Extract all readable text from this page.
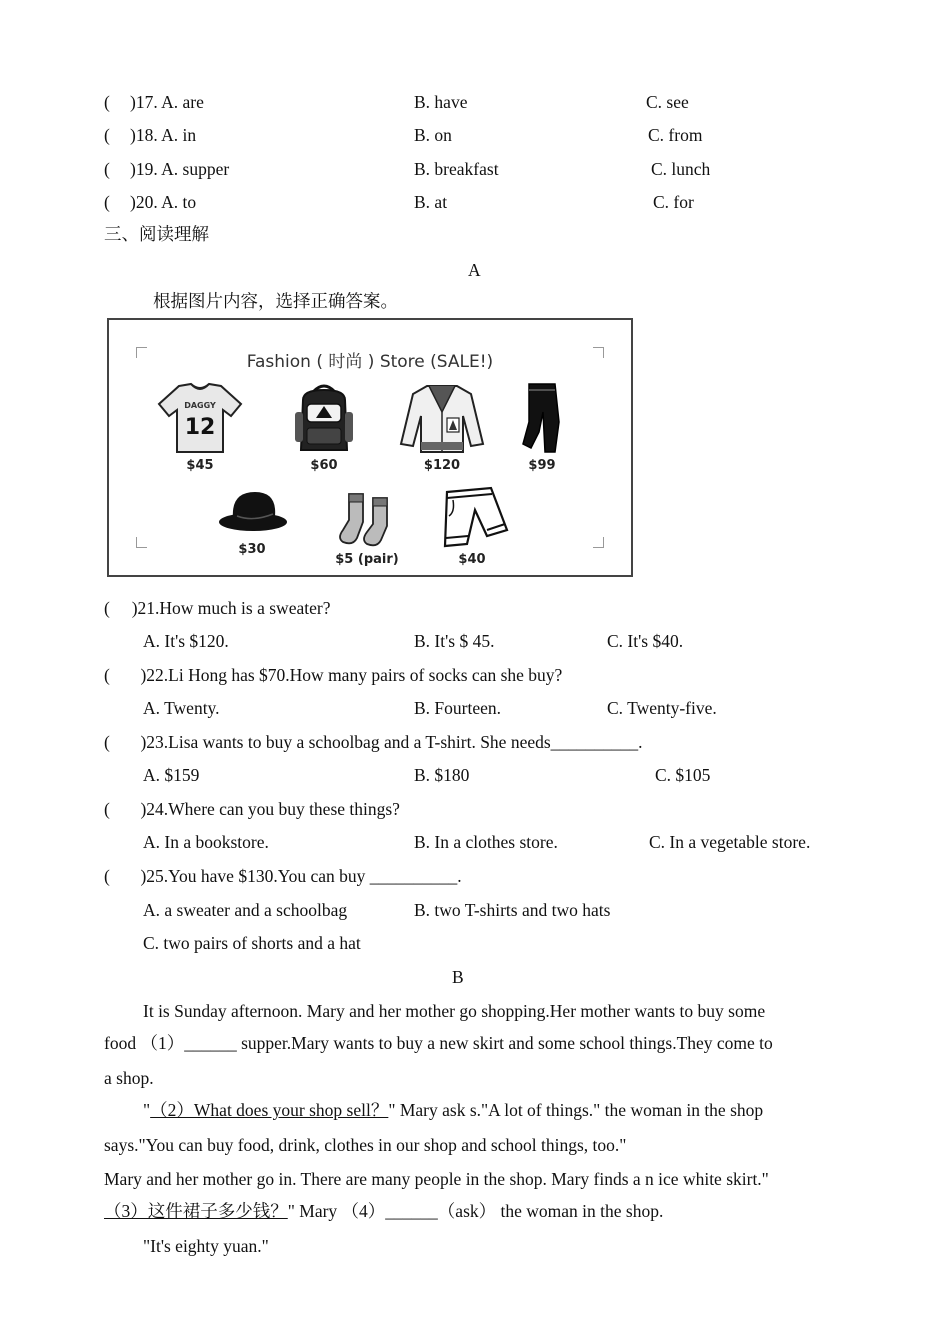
( )17. A. are	B. have	C. see
( )18. A. in	B. on	C. from
( )19. A. supper	B. breakfast	C. lunch
( )20. A. to	B. at	C. for
三、阅读理解
A
根据图片内容，选择正确答案。
Fashion ( 时尚 ) Store (SALE!)
DAGGY
12
$45	$60	$120	$99
$30
$5 (pair)	$40
(     )21.How much is a sweater?
A. It's $120.	B. It's $ 45.	C. It's $40.
(       )22.Li Hong has $70.How many pairs of socks can she buy?
A. Twenty.	B. Fourteen.	C. Twenty-five.
(       )23.Lisa wants to buy a schoolbag and a T-shirt. She needs__________.
A. $159	B. $180	C. $105
(       )24.Where can you buy these things?
A. In a bookstore.	B. In a clothes store.	C. In a vegetable store.
(       )25.You have $130.You can buy __________.
A. a sweater and a schoolbag	B. two T-shirts and two hats
C. two pairs of shorts and a hat
B
It is Sunday afternoon. Mary and her mother go shopping.Her mother wants to buy some
food （1）______ supper.Mary wants to buy a new skirt and some school things.They come to
a shop.
"（2）What does your shop sell？" Mary ask s."A lot of things." the woman in the shop
says."You can buy food, drink, clothes in our shop and school things, too."
Mary and her mother go in. There are many people in the shop. Mary finds a n ice white skirt."
（3）这件裙子多少钱？" Mary （4）______（ask） the woman in the shop.
"It's eighty yuan."
